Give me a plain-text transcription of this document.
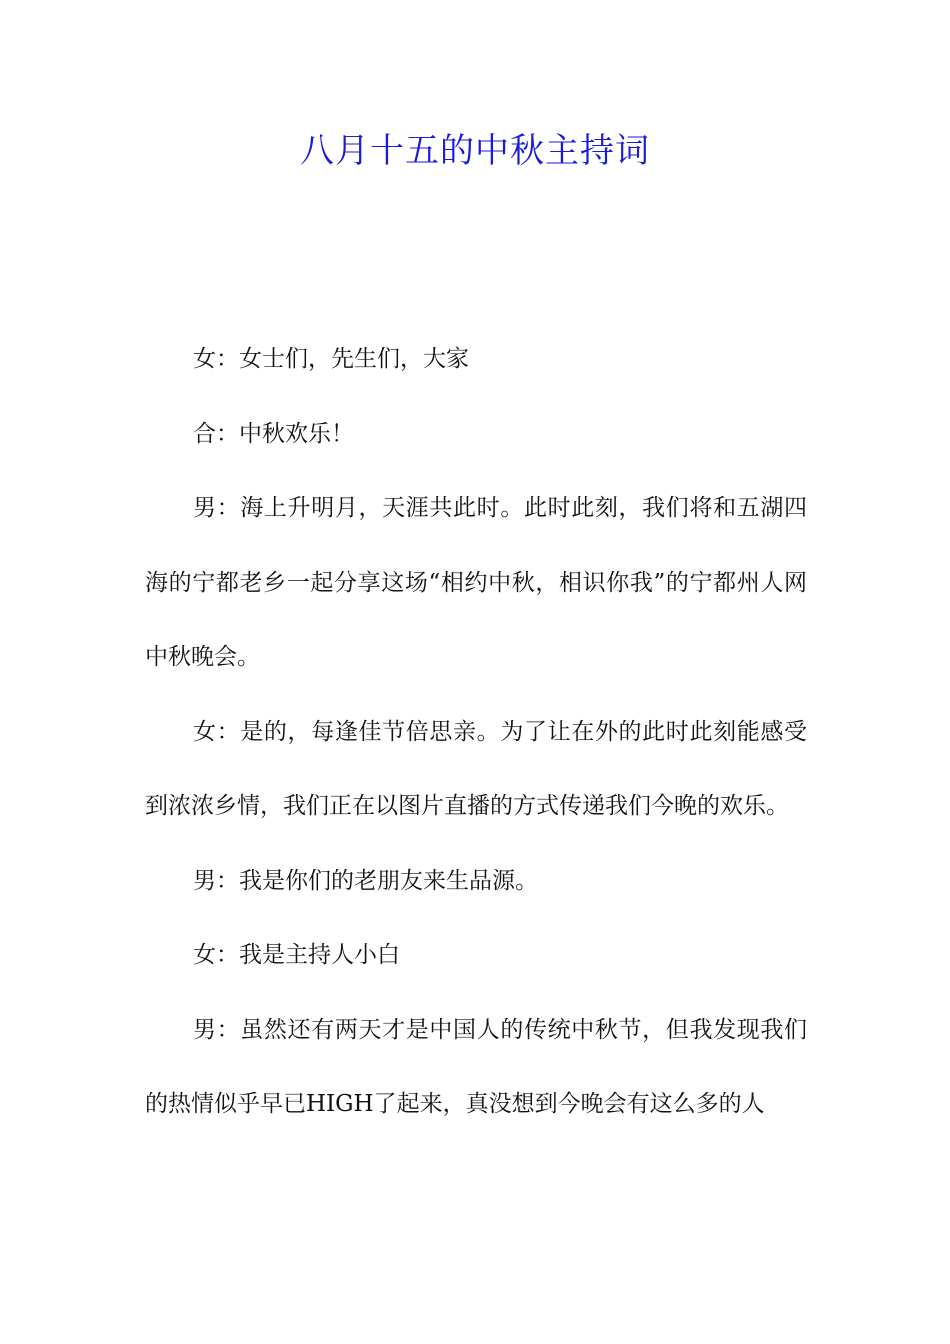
八月十五的中秋主持词

女：女士们，先生们，大家

合：中秋欢乐！

男：海上升明月，天涯共此时。此时此刻，我们将和五湖四海的宁都老乡一起分享这场“相约中秋，相识你我”的宁都州人网中秋晚会。

女：是的，每逢佳节倍思亲。为了让在外的此时此刻能感受到浓浓乡情，我们正在以图片直播的方式传递我们今晚的欢乐。

男：我是你们的老朋友来生品源。

女：我是主持人小白

男：虽然还有两天才是中国人的传统中秋节，但我发现我们的热情似乎早已HIGH了起来，真没想到今晚会有这么多的人
